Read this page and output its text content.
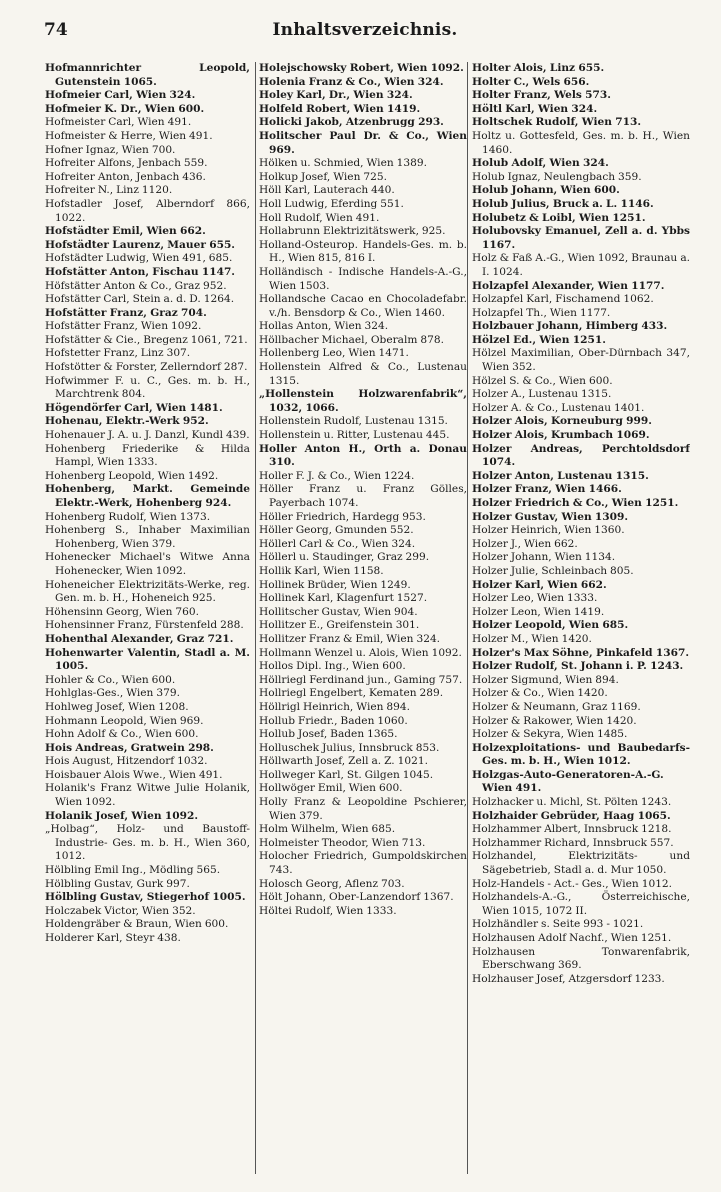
74	Inhaltsverzeichnis.
Hofmannrichter Leopold, Gutenstein 1065.
Hofmeier Carl, Wien 324.
Hofmeier K. Dr., Wien 600.
Hofmeister Carl, Wien 491.
Hofmeister & Herre, Wien 491.
Hofner Ignaz, Wien 700.
Hofreiter Alfons, Jenbach 559.
Hofreiter Anton, Jenbach 436.
Hofreiter N., Linz 1120.
Hofstadler Josef, Alberndorf 866, 1022.
Hofstädter Emil, Wien 662.
Hofstädter Laurenz, Mauer 655.
Hofstädter Ludwig, Wien 491, 685.
Hofstätter Anton, Fischau 1147.
Höfstätter Anton & Co., Graz 952.
Hofstätter Carl, Stein a. d. D. 1264.
Hofstätter Franz, Graz 704.
Hofstätter Franz, Wien 1092.
Hofstätter & Cie., Bregenz 1061, 721.
Hofstetter Franz, Linz 307.
Hofstötter & Forster, Zellerndorf 287.
Hofwimmer F. u. C., Ges. m. b. H., Marchtrenk 804.
Högendörfer Carl, Wien 1481.
Hohenau, Elektr.-Werk 952.
Hohenauer J. A. u. J. Danzl, Kundl 439.
Hohenberg Friederike & Hilda Hampl, Wien 1333.
Hohenberg Leopold, Wien 1492.
Hohenberg, Markt. Gemeinde Elektr.-Werk, Hohenberg 924.
Hohenberg Rudolf, Wien 1373.
Hohenberg S., Inhaber Maximilian Hohenberg, Wien 379.
Hohenecker Michael's Witwe Anna Hohenecker, Wien 1092.
Hoheneicher Elektrizitäts-Werke, reg. Gen. m. b. H., Hoheneich 925.
Höhensinn Georg, Wien 760.
Hohensinner Franz, Fürstenfeld 288.
Hohenthal Alexander, Graz 721.
Hohenwarter Valentin, Stadl a. M. 1005.
Hohler & Co., Wien 600.
Hohlglas-Ges., Wien 379.
Hohlweg Josef, Wien 1208.
Hohmann Leopold, Wien 969.
Hohn Adolf & Co., Wien 600.
Hois Andreas, Gratwein 298.
Hois August, Hitzendorf 1032.
Hoisbauer Alois Wwe., Wien 491.
Holanik's Franz Witwe Julie Holanik, Wien 1092.
Holanik Josef, Wien 1092.
„Holbag“, Holz- und Baustoff-Industrie- Ges. m. b. H., Wien 360, 1012.
Hölbling Emil Ing., Mödling 565.
Hölbling Gustav, Gurk 997.
Hölbling Gustav, Stiegerhof 1005.
Holczabek Victor, Wien 352.
Holdengräber & Braun, Wien 600.
Holderer Karl, Steyr 438.
Holejschowsky Robert, Wien 1092.
Holenia Franz & Co., Wien 324.
Holey Karl, Dr., Wien 324.
Holfeld Robert, Wien 1419.
Holicki Jakob, Atzenbrugg 293.
Holitscher Paul Dr. & Co., Wien 969.
Hölken u. Schmied, Wien 1389.
Holkup Josef, Wien 725.
Höll Karl, Lauterach 440.
Holl Ludwig, Eferding 551.
Holl Rudolf, Wien 491.
Hollabrunn Elektrizitätswerk, 925.
Holland-Osteurop. Handels-Ges. m. b. H., Wien 815, 816 I.
Holländisch - Indische Handels-A.-G., Wien 1503.
Hollandsche Cacao en Chocoladefabr. v./h. Bensdorp & Co., Wien 1460.
Hollas Anton, Wien 324.
Höllbacher Michael, Oberalm 878.
Hollenberg Leo, Wien 1471.
Hollenstein Alfred & Co., Lustenau 1315.
„Hollenstein Holzwarenfabrik“, 1032, 1066.
Hollenstein Rudolf, Lustenau 1315.
Hollenstein u. Ritter, Lustenau 445.
Holler Anton H., Orth a. Donau 310.
Holler F. J. & Co., Wien 1224.
Höller Franz u. Franz Gölles, Payerbach 1074.
Höller Friedrich, Hardegg 953.
Höller Georg, Gmunden 552.
Höllerl Carl & Co., Wien 324.
Höllerl u. Staudinger, Graz 299.
Hollik Karl, Wien 1158.
Hollinek Brüder, Wien 1249.
Hollinek Karl, Klagenfurt 1527.
Hollitscher Gustav, Wien 904.
Hollitzer E., Greifenstein 301.
Hollitzer Franz & Emil, Wien 324.
Hollmann Wenzel u. Alois, Wien 1092.
Hollos Dipl. Ing., Wien 600.
Höllriegl Ferdinand jun., Gaming 757.
Hollriegl Engelbert, Kematen 289.
Höllrigl Heinrich, Wien 894.
Hollub Friedr., Baden 1060.
Hollub Josef, Baden 1365.
Holluschek Julius, Innsbruck 853.
Höllwarth Josef, Zell a. Z. 1021.
Hollweger Karl, St. Gilgen 1045.
Hollwöger Emil, Wien 600.
Holly Franz & Leopoldine Pschierer, Wien 379.
Holm Wilhelm, Wien 685.
Holmeister Theodor, Wien 713.
Holocher Friedrich, Gumpoldskirchen 743.
Holosch Georg, Aflenz 703.
Hölt Johann, Ober-Lanzendorf 1367.
Höltei Rudolf, Wien 1333.
Holter Alois, Linz 655.
Holter C., Wels 656.
Holter Franz, Wels 573.
Höltl Karl, Wien 324.
Holtschek Rudolf, Wien 713.
Holtz u. Gottesfeld, Ges. m. b. H., Wien 1460.
Holub Adolf, Wien 324.
Holub Ignaz, Neulengbach 359.
Holub Johann, Wien 600.
Holub Julius, Bruck a. L. 1146.
Holubetz & Loibl, Wien 1251.
Holubovsky Emanuel, Zell a. d. Ybbs 1167.
Holz & Faß A.-G., Wien 1092, Braunau a. I. 1024.
Holzapfel Alexander, Wien 1177.
Holzapfel Karl, Fischamend 1062.
Holzapfel Th., Wien 1177.
Holzbauer Johann, Himberg 433.
Hölzel Ed., Wien 1251.
Hölzel Maximilian, Ober-Dürnbach 347, Wien 352.
Hölzel S. & Co., Wien 600.
Holzer A., Lustenau 1315.
Holzer A. & Co., Lustenau 1401.
Holzer Alois, Korneuburg 999.
Holzer Alois, Krumbach 1069.
Holzer Andreas, Perchtoldsdorf 1074.
Holzer Anton, Lustenau 1315.
Holzer Franz, Wien 1466.
Holzer Friedrich & Co., Wien 1251.
Holzer Gustav, Wien 1309.
Holzer Heinrich, Wien 1360.
Holzer J., Wien 662.
Holzer Johann, Wien 1134.
Holzer Julie, Schleinbach 805.
Holzer Karl, Wien 662.
Holzer Leo, Wien 1333.
Holzer Leon, Wien 1419.
Holzer Leopold, Wien 685.
Holzer M., Wien 1420.
Holzer's Max Söhne, Pinkafeld 1367.
Holzer Rudolf, St. Johann i. P. 1243.
Holzer Sigmund, Wien 894.
Holzer & Co., Wien 1420.
Holzer & Neumann, Graz 1169.
Holzer & Rakower, Wien 1420.
Holzer & Sekyra, Wien 1485.
Holzexploitations- und Baubedarfs-Ges. m. b. H., Wien 1012.
Holzgas-Auto-Generatoren-A.-G. Wien 491.
Holzhacker u. Michl, St. Pölten 1243.
Holzhaider Gebrüder, Haag 1065.
Holzhammer Albert, Innsbruck 1218.
Holzhammer Richard, Innsbruck 557.
Holzhandel, Elektrizitäts- und Sägebetrieb, Stadl a. d. Mur 1050.
Holz-Handels - Act.- Ges., Wien 1012.
Holzhandels-A.-G., Österreichische, Wien 1015, 1072 II.
Holzhändler s. Seite 993 - 1021.
Holzhausen Adolf Nachf., Wien 1251.
Holzhausen Tonwarenfabrik, Eberschwang 369.
Holzhauser Josef, Atzgersdorf 1233.
